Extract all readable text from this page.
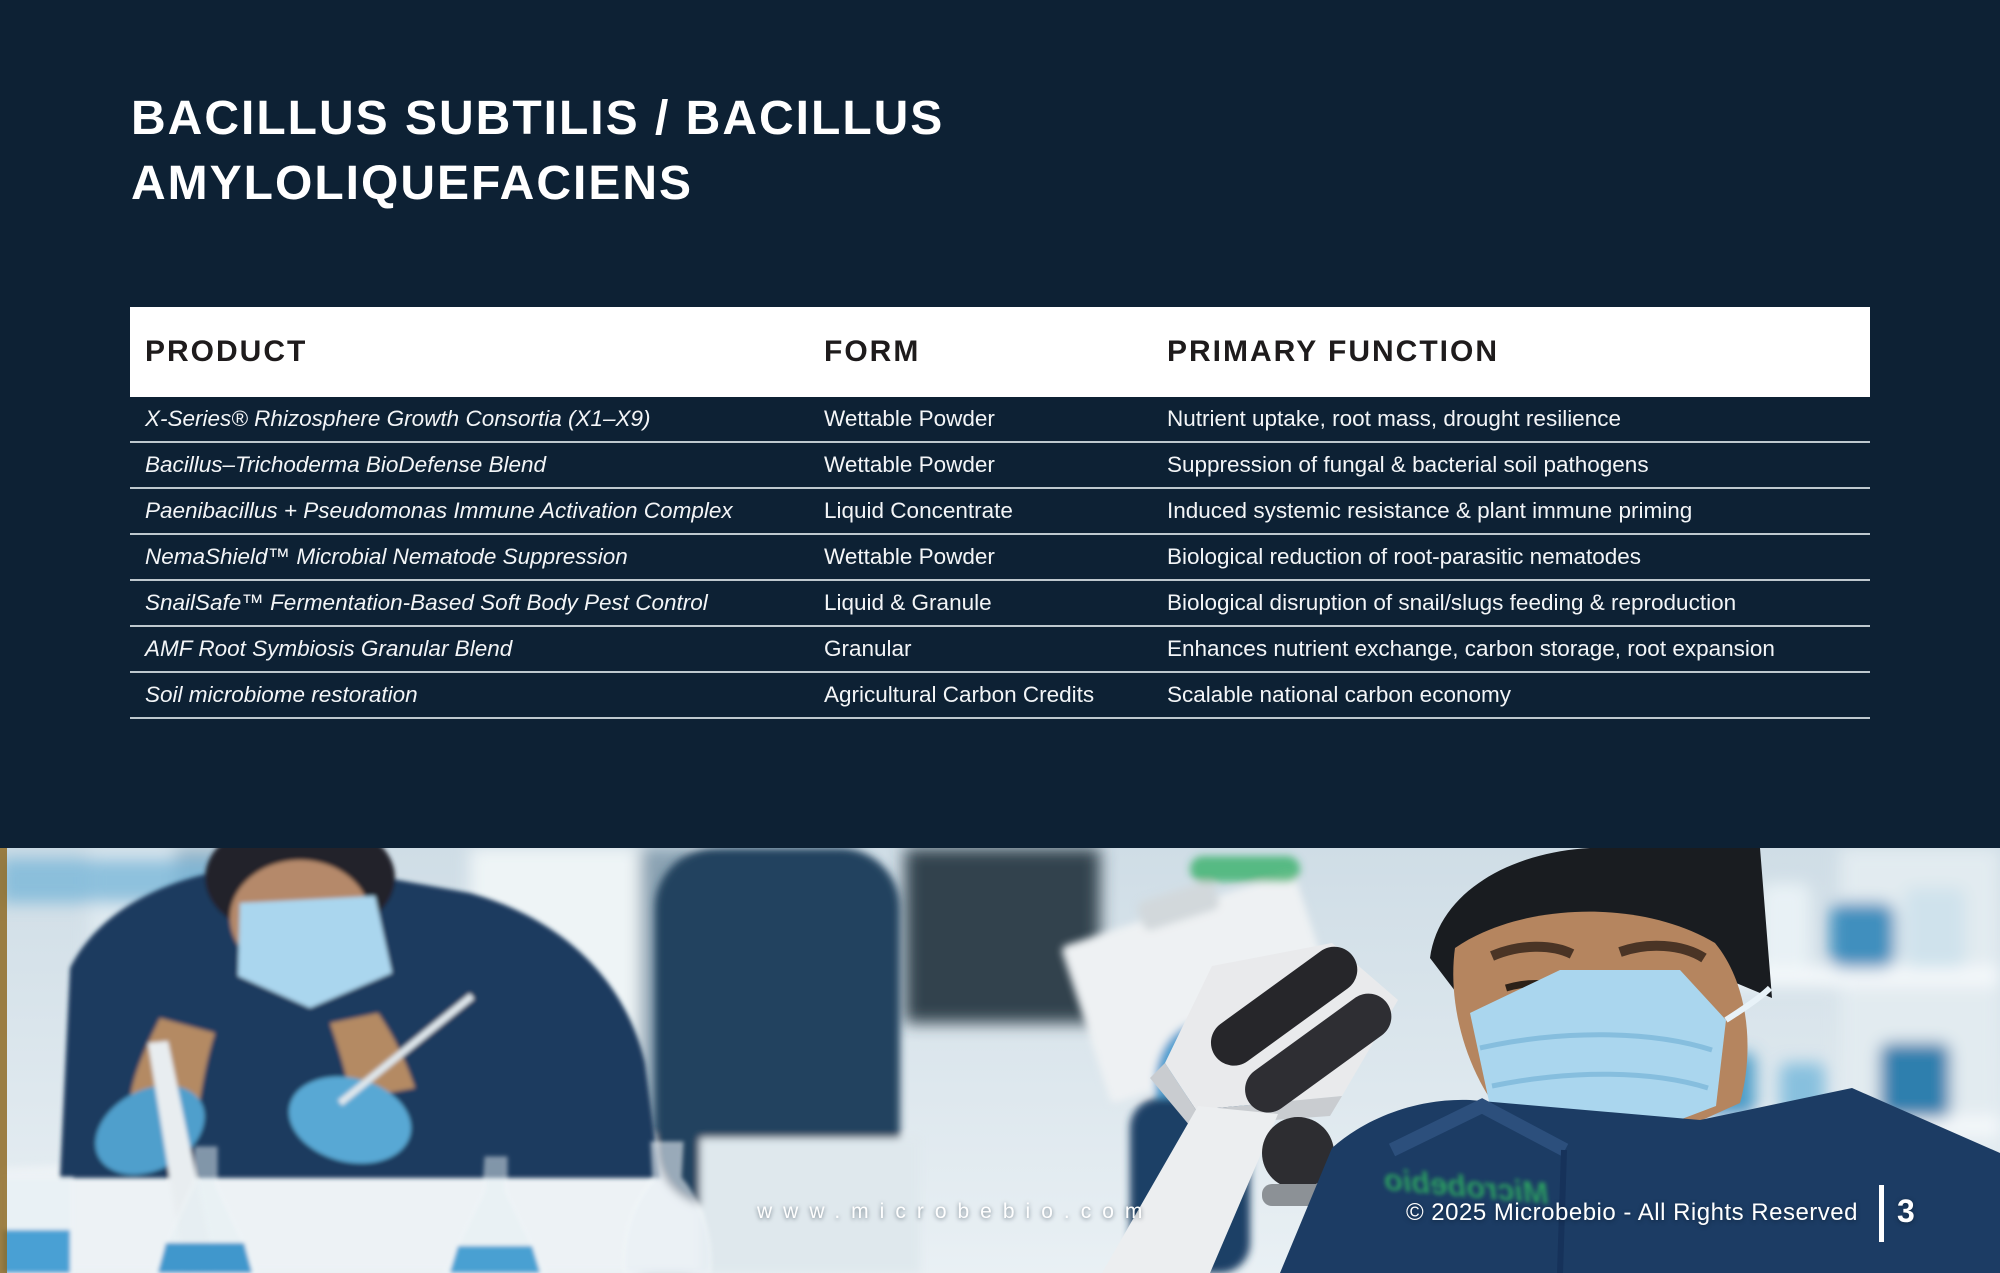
BACILLUS SUBTILIS / BACILLUS
AMYLOLIQUEFACIENS
PRODUCT	FORM	PRIMARY FUNCTION
X-Series® Rhizosphere Growth Consortia (X1–X9)	Wettable Powder	Nutrient uptake, root mass, drought resilience
Bacillus–Trichoderma BioDefense Blend	Wettable Powder	Suppression of fungal & bacterial soil pathogens
Paenibacillus + Pseudomonas Immune Activation Complex	Liquid Concentrate	Induced systemic resistance & plant immune priming
NemaShield™ Microbial Nematode Suppression	Wettable Powder	Biological reduction of root-parasitic nematodes
SnailSafe™ Fermentation-Based Soft Body Pest Control	Liquid & Granule	Biological disruption of snail/slugs feeding & reproduction
AMF Root Symbiosis Granular Blend	Granular	Enhances nutrient exchange, carbon storage, root expansion
Soil microbiome restoration	Agricultural Carbon Credits	Scalable national carbon economy
Microbebio
www.microbebio.com	© 2025 Microbebio - All Rights Reserved 3
